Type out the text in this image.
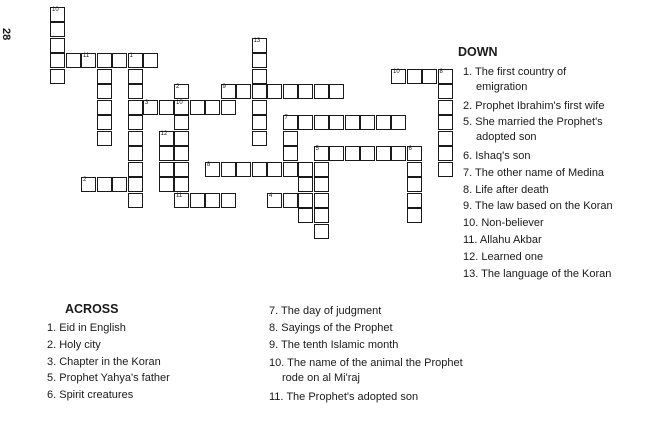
28
11	1
2
3	10
2	9
13
12
7
8
5
11	4
10	8
6
10
DOWN
1. The first country of
emigration
2. Prophet Ibrahim's first wife
5. She married the Prophet's
adopted son
6. Ishaq's son
7. The other name of Medina
8. Life after death
9. The law based on the Koran
10. Non-believer
11. Allahu Akbar
12. Learned one
13. The language of the Koran
ACROSS
1. Eid in English
2. Holy city
3. Chapter in the Koran
5. Prophet Yahya's father
6. Spirit creatures
7. The day of judgment
8. Sayings of the Prophet
9. The tenth Islamic month
10. The name of the animal the Prophet
rode on al Mi'raj
11. The Prophet's adopted son
